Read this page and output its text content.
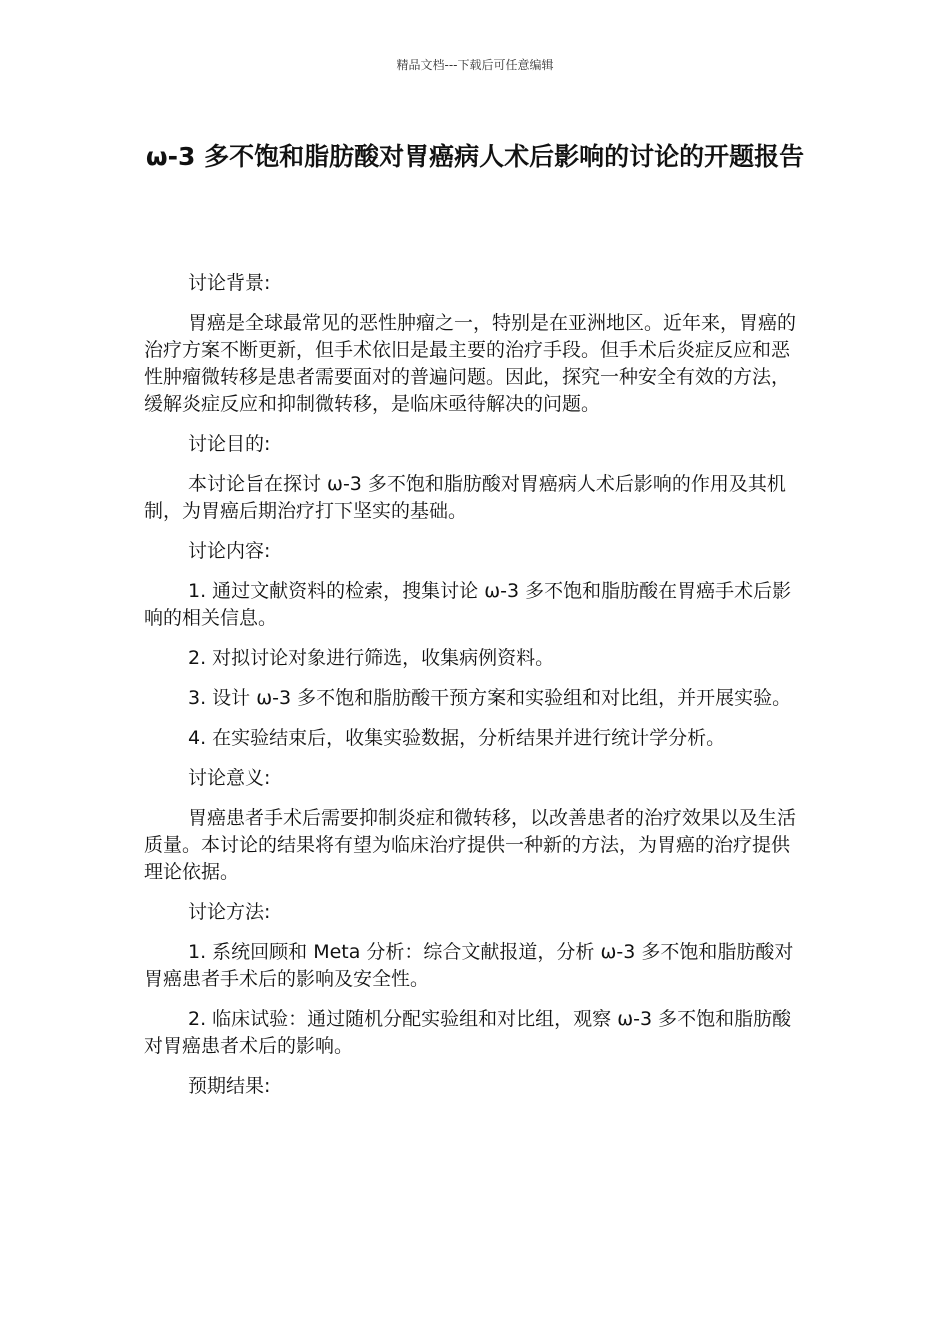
精品文档---下载后可任意编辑
ω-3 多不饱和脂肪酸对胃癌病人术后影响的讨论的开题报告

讨论背景:

胃癌是全球最常见的恶性肿瘤之一，特别是在亚洲地区。近年来，胃癌的治疗方案不断更新，但手术依旧是最主要的治疗手段。但手术后炎症反应和恶性肿瘤微转移是患者需要面对的普遍问题。因此，探究一种安全有效的方法，缓解炎症反应和抑制微转移，是临床亟待解决的问题。

讨论目的:

本讨论旨在探讨 ω-3 多不饱和脂肪酸对胃癌病人术后影响的作用及其机制，为胃癌后期治疗打下坚实的基础。

讨论内容:

1. 通过文献资料的检索，搜集讨论 ω-3 多不饱和脂肪酸在胃癌手术后影响的相关信息。

2. 对拟讨论对象进行筛选，收集病例资料。

3. 设计 ω-3 多不饱和脂肪酸干预方案和实验组和对比组，并开展实验。

4. 在实验结束后，收集实验数据，分析结果并进行统计学分析。

讨论意义:

胃癌患者手术后需要抑制炎症和微转移，以改善患者的治疗效果以及生活质量。本讨论的结果将有望为临床治疗提供一种新的方法，为胃癌的治疗提供理论依据。

讨论方法:

1. 系统回顾和 Meta 分析：综合文献报道，分析 ω-3 多不饱和脂肪酸对胃癌患者手术后的影响及安全性。

2. 临床试验：通过随机分配实验组和对比组，观察 ω-3 多不饱和脂肪酸对胃癌患者术后的影响。

预期结果:
